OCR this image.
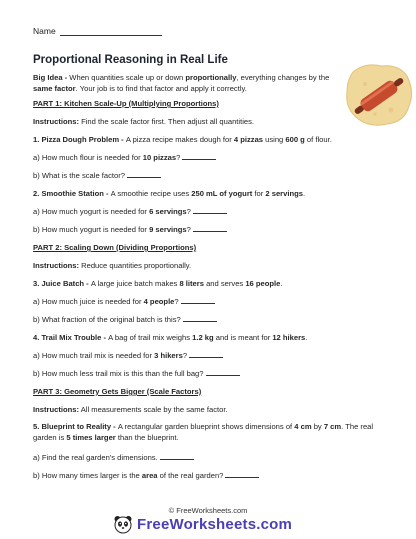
Name
Proportional Reasoning in Real Life
Big Idea - When quantities scale up or down proportionally, everything changes by the same factor. Your job is to find that factor and apply it correctly.
PART 1: Kitchen Scale-Up (Multiplying Proportions)
Instructions: Find the scale factor first. Then adjust all quantities.
1. Pizza Dough Problem - A pizza recipe makes dough for 4 pizzas using 600 g of flour.
a) How much flour is needed for 10 pizzas?
b) What is the scale factor?
2. Smoothie Station - A smoothie recipe uses 250 mL of yogurt for 2 servings.
a) How much yogurt is needed for 6 servings?
b) How much yogurt is needed for 9 servings?
PART 2: Scaling Down (Dividing Proportions)
Instructions: Reduce quantities proportionally.
3. Juice Batch - A large juice batch makes 8 liters and serves 16 people.
a) How much juice is needed for 4 people?
b) What fraction of the original batch is this?
4. Trail Mix Trouble - A bag of trail mix weighs 1.2 kg and is meant for 12 hikers.
a) How much trail mix is needed for 3 hikers?
b) How much less trail mix is this than the full bag?
PART 3: Geometry Gets Bigger (Scale Factors)
Instructions: All measurements scale by the same factor.
5. Blueprint to Reality - A rectangular garden blueprint shows dimensions of 4 cm by 7 cm. The real garden is 5 times larger than the blueprint.
a) Find the real garden's dimensions.
b) How many times larger is the area of the real garden?
© FreeWorksheets.com
FreeWorksheets.com
